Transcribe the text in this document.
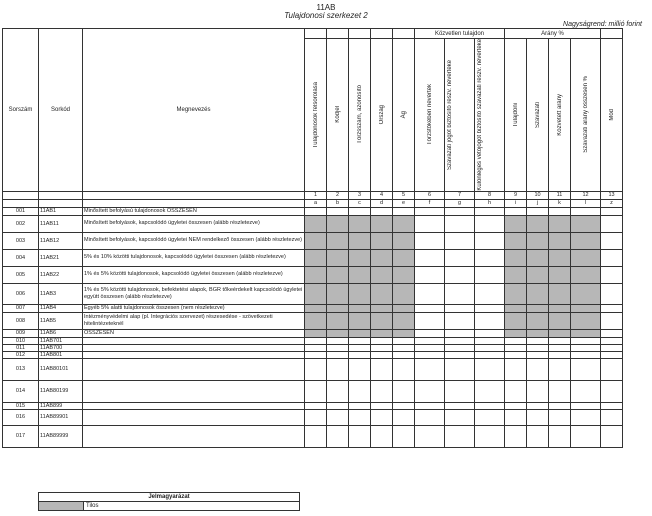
11AB
Tulajdonosi szerkezet 2
Nagyságrend: millió forint
Sorszám	Sorkód	Megnevezés						Közvetlen tulajdon			Arány %				

			Tulajdonosok felsorolása	Kódjel	Törzsszám, azonosító	Ország	Ág	Törzstőkében névérték	Szavazati jogot biztosító részv. névértéke	Különleges vétójogot biztosító szavazati részv. névértéke	Tulajdoni	Szavazati	Közvetett arány	Szavazati arány összesen %	Mód

			1	2	3	4	5	6	7	8	9	10	11	12	13
			a	b	c	d	e	f	g	h	i	j	k	l	z
001	11AB1	Minősített befolyású tulajdonosok ÖSSZESEN													
002	11AB11	Minősített befolyások, kapcsolódó ügyletei összesen (alább részletezve)													
003	11AB12	Minősített befolyások, kapcsolódó ügyletei NEM rendelkező összesen (alább részletezve)													
004	11AB21	5% és 10% közötti tulajdonosok, kapcsolódó ügyletei összesen (alább részletezve)													
005	11AB22	1% és 5% közötti tulajdonosok, kapcsolódó ügyletei összesen (alább részletezve)													
006	11AB3	1% és 5% közötti tulajdonosok, befektetési alapok, BGR tőkeérdekelt kapcsolódó ügyletei együtt összesen (alább részletezve)													
007	11AB4	Egyéb 5% alatti tulajdonosok összesen (nem részletezve)													
008	11AB5	Intézményvédelmi alap (pl. Integrációs szervezet) részesedése - szövetkezeti hitelintézeteknél													
009	11AB6	ÖSSZESEN													
010	11AB701														
011	11AB700														
012	11AB801														
013	11AB80101														
014	11AB80199														
015	11AB899														
016	11AB89901														
017	11AB89999														
Jelmagyarázat
	Tilos
